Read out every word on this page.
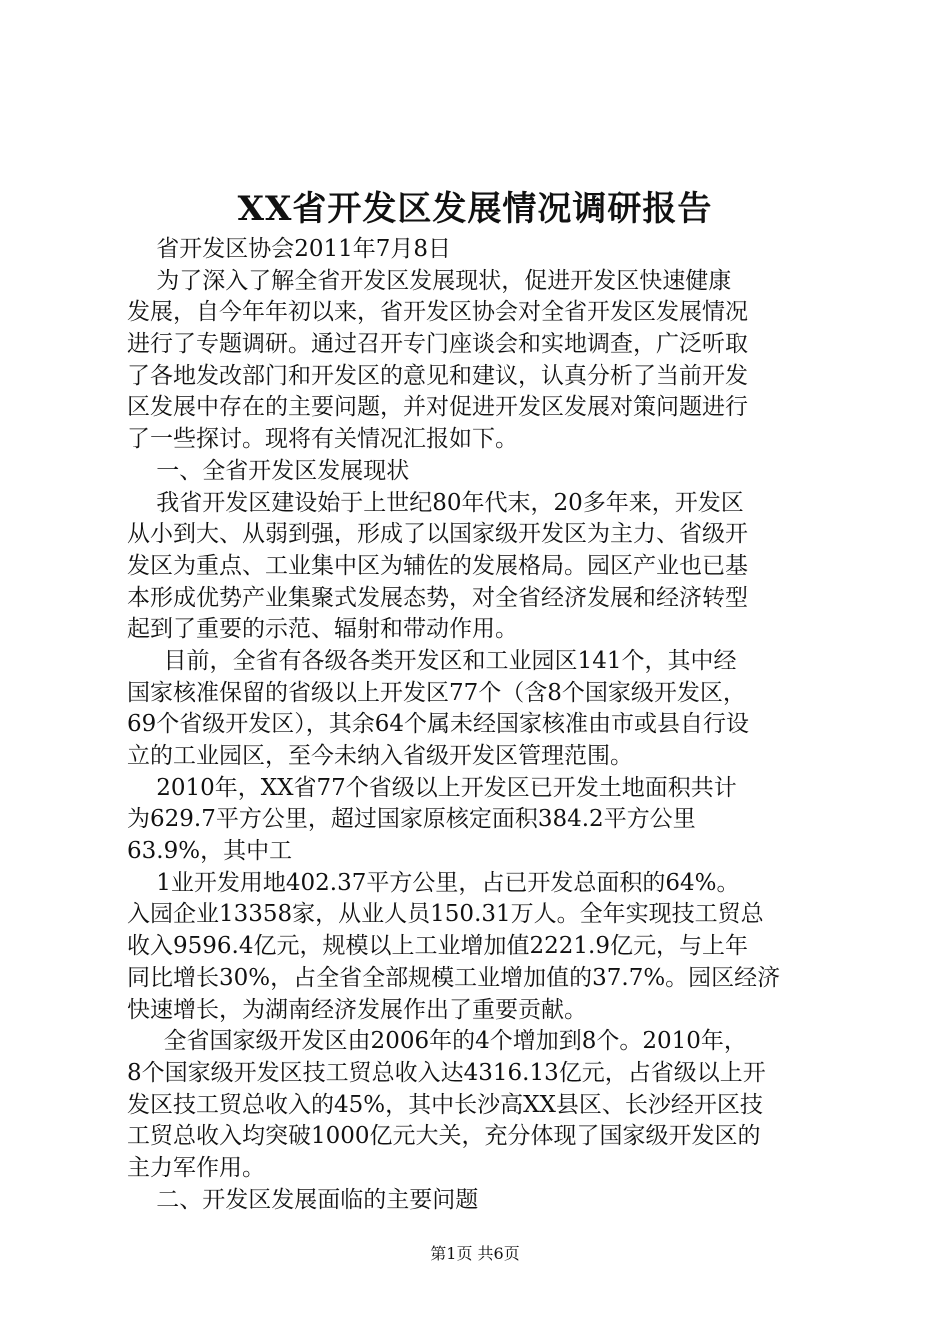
XX省开发区发展情况调研报告
省开发区协会2011年7月8日
为了深入了解全省开发区发展现状，促进开发区快速健康
发展，自今年年初以来，省开发区协会对全省开发区发展情况
进行了专题调研。通过召开专门座谈会和实地调查，广泛听取
了各地发改部门和开发区的意见和建议，认真分析了当前开发
区发展中存在的主要问题，并对促进开发区发展对策问题进行
了一些探讨。现将有关情况汇报如下。
一、全省开发区发展现状
我省开发区建设始于上世纪80年代末，20多年来，开发区
从小到大、从弱到强，形成了以国家级开发区为主力、省级开
发区为重点、工业集中区为辅佐的发展格局。园区产业也已基
本形成优势产业集聚式发展态势，对全省经济发展和经济转型
起到了重要的示范、辐射和带动作用。
目前，全省有各级各类开发区和工业园区141个，其中经
国家核准保留的省级以上开发区77个（含8个国家级开发区，
69个省级开发区），其余64个属未经国家核准由市或县自行设
立的工业园区，至今未纳入省级开发区管理范围。
2010年，XX省77个省级以上开发区已开发土地面积共计
为629.7平方公里，超过国家原核定面积384.2平方公里
63.9%，其中工
1业开发用地402.37平方公里，占已开发总面积的64%。
入园企业13358家，从业人员150.31万人。全年实现技工贸总
收入9596.4亿元，规模以上工业增加值2221.9亿元，与上年
同比增长30%，占全省全部规模工业增加值的37.7%。园区经济
快速增长，为湖南经济发展作出了重要贡献。
全省国家级开发区由2006年的4个增加到8个。2010年，
8个国家级开发区技工贸总收入达4316.13亿元，占省级以上开
发区技工贸总收入的45%，其中长沙高XX县区、长沙经开区技
工贸总收入均突破1000亿元大关，充分体现了国家级开发区的
主力军作用。
二、开发区发展面临的主要问题
第1页 共6页
